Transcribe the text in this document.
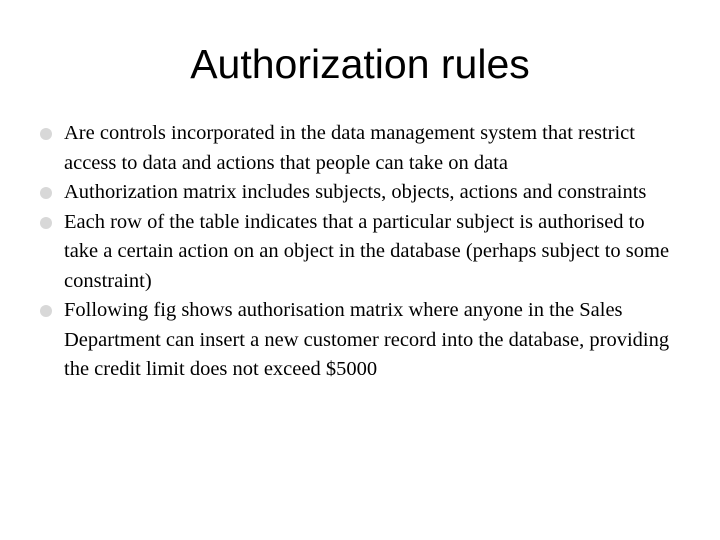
Authorization rules
Are controls incorporated in the data management system that restrict access to data and actions that people can take on data
Authorization matrix includes subjects, objects, actions and constraints
Each row of the table indicates that a particular subject is authorised to take a certain action on an object in the database (perhaps subject to some constraint)
Following fig shows authorisation matrix where anyone in the Sales Department can insert a new customer record into the database, providing the credit limit does not exceed $5000
